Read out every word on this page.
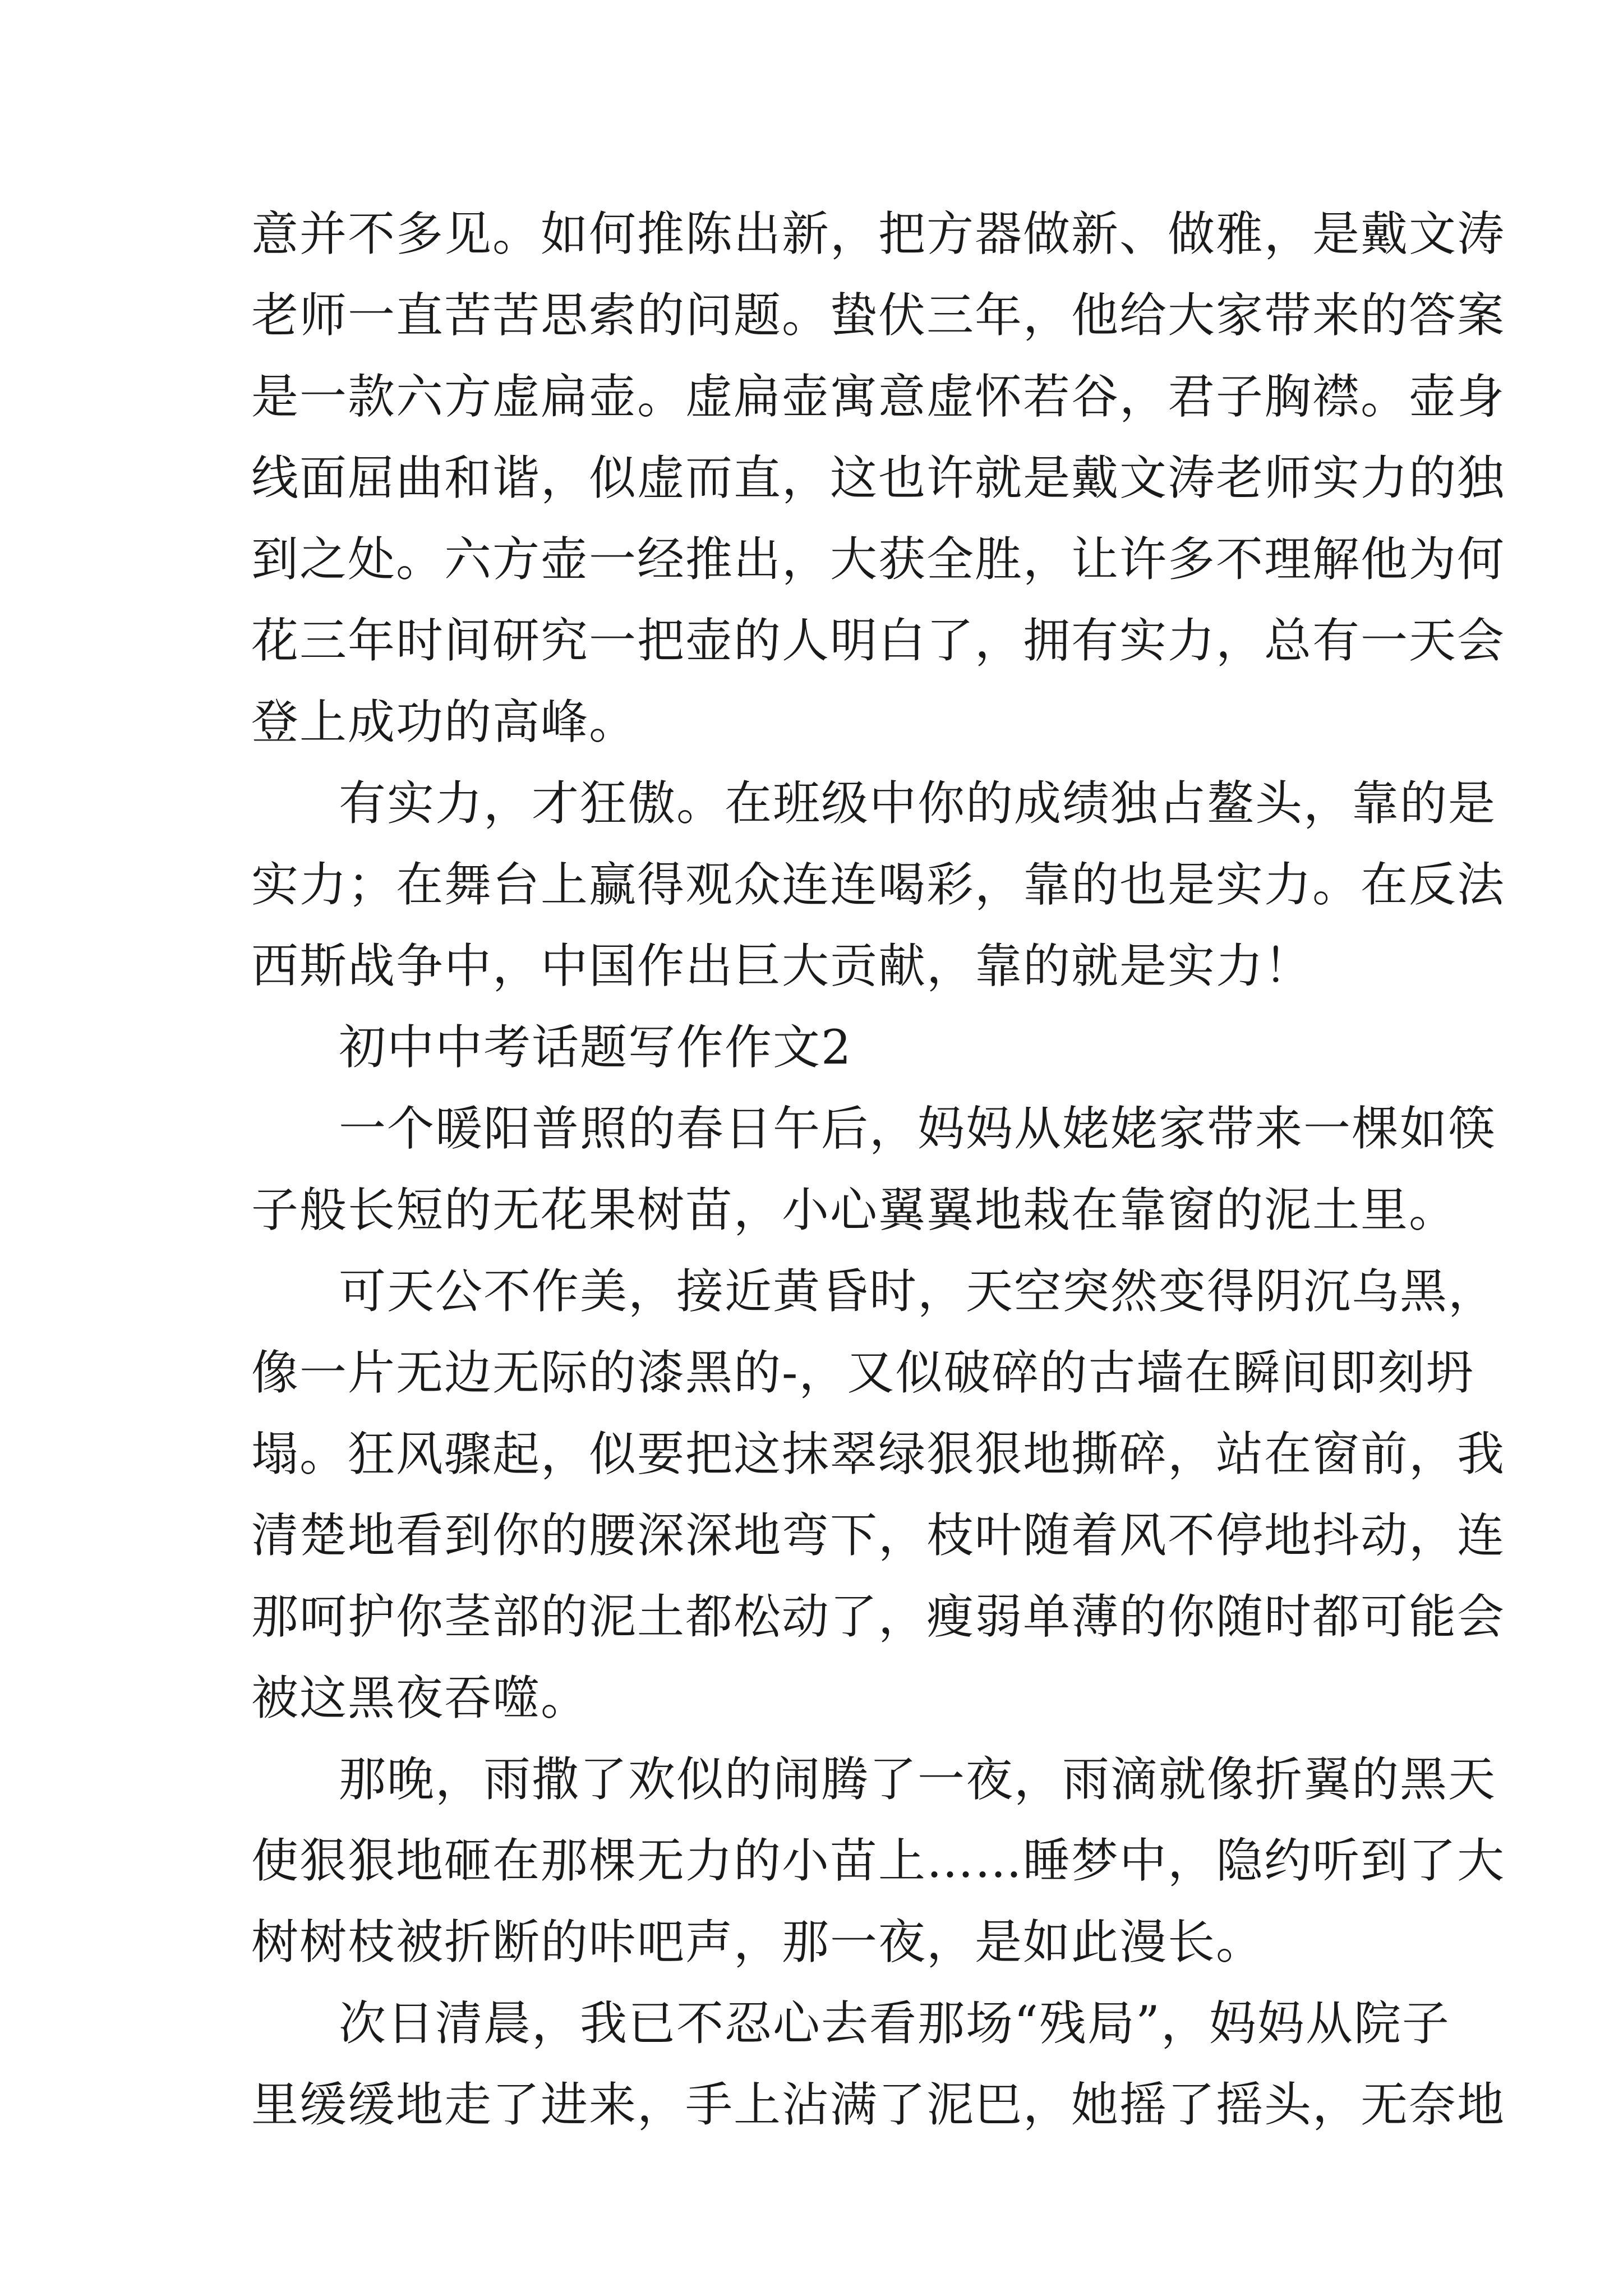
意并不多见。如何推陈出新，把方器做新、做雅，是戴文涛
老师一直苦苦思索的问题。蛰伏三年，他给大家带来的答案
是一款六方虚扁壶。虚扁壶寓意虚怀若谷，君子胸襟。壶身
线面屈曲和谐，似虚而直，这也许就是戴文涛老师实力的独
到之处。六方壶一经推出，大获全胜，让许多不理解他为何
花三年时间研究一把壶的人明白了，拥有实力，总有一天会
登上成功的高峰。
有实力，才狂傲。在班级中你的成绩独占鳌头，靠的是
实力；在舞台上赢得观众连连喝彩，靠的也是实力。在反法
西斯战争中，中国作出巨大贡献，靠的就是实力！
初中中考话题写作作文2
一个暖阳普照的春日午后，妈妈从姥姥家带来一棵如筷
子般长短的无花果树苗，小心翼翼地栽在靠窗的泥土里。
可天公不作美，接近黄昏时，天空突然变得阴沉乌黑，
像一片无边无际的漆黑的-，又似破碎的古墙在瞬间即刻坍
塌。狂风骤起，似要把这抹翠绿狠狠地撕碎，站在窗前，我
清楚地看到你的腰深深地弯下，枝叶随着风不停地抖动，连
那呵护你茎部的泥土都松动了，瘦弱单薄的你随时都可能会
被这黑夜吞噬。
那晚，雨撒了欢似的闹腾了一夜，雨滴就像折翼的黑天
使狠狠地砸在那棵无力的小苗上……睡梦中，隐约听到了大
树树枝被折断的咔吧声，那一夜，是如此漫长。
次日清晨，我已不忍心去看那场“残局”，妈妈从院子
里缓缓地走了进来，手上沾满了泥巴，她摇了摇头，无奈地
